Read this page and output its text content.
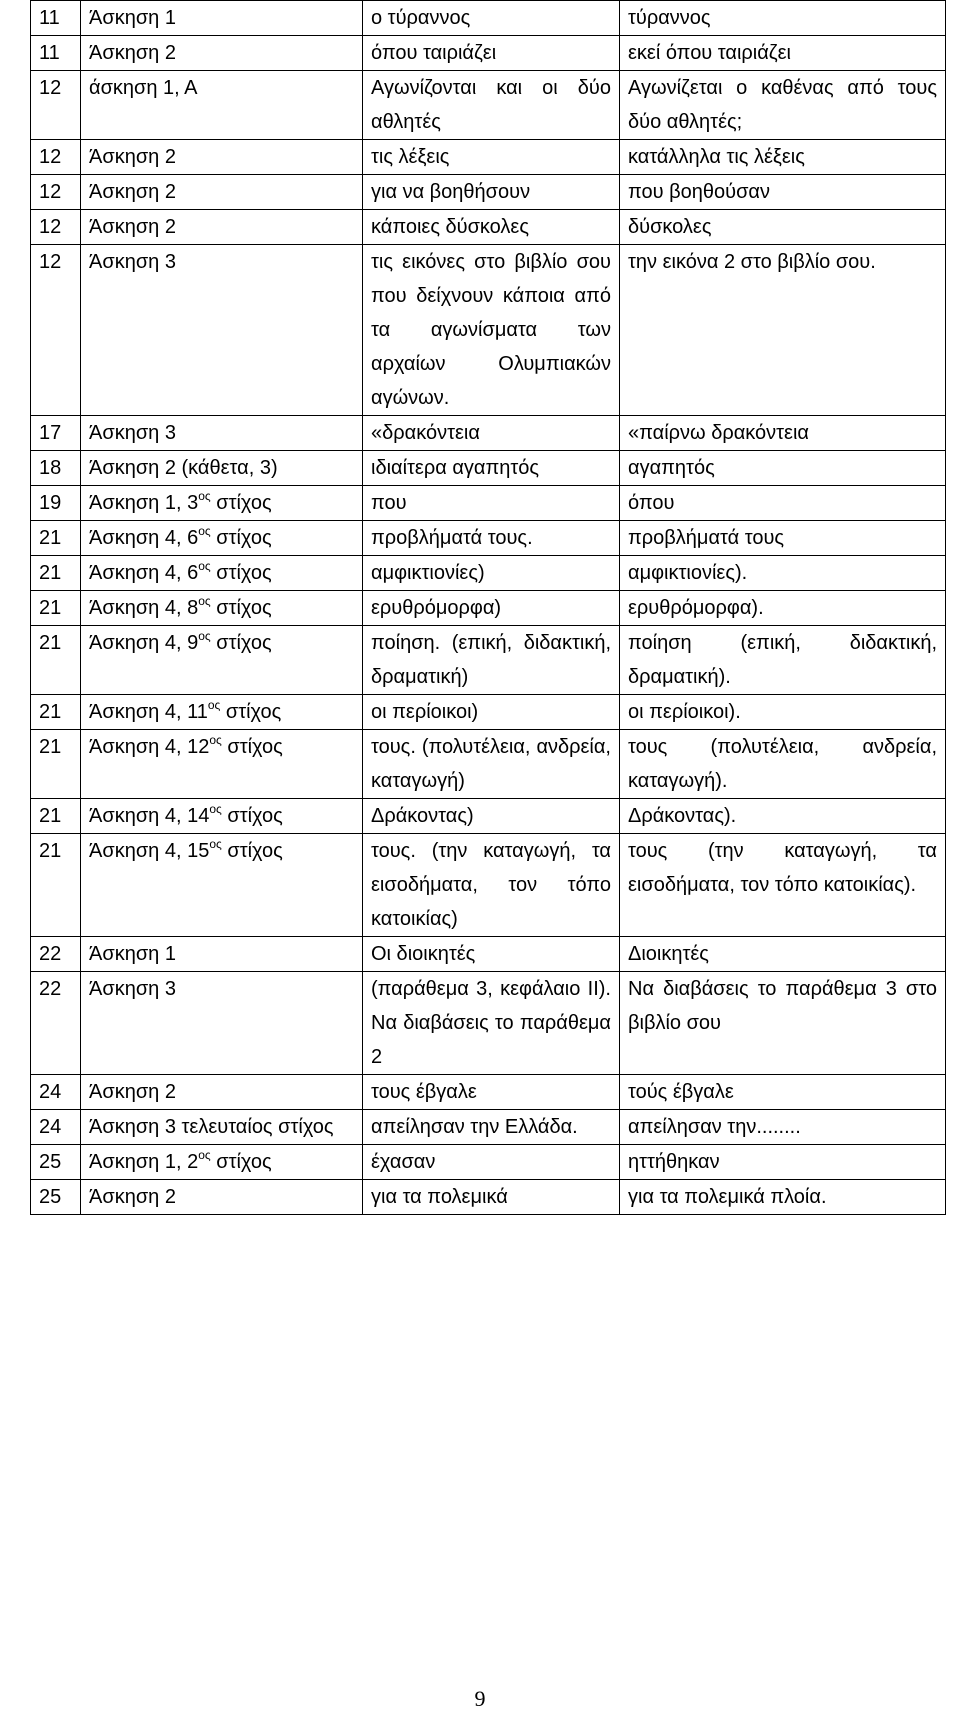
11	Άσκηση 1	ο τύραννος	τύραννος
11	Άσκηση 2	όπου ταιριάζει	εκεί όπου ταιριάζει
12	άσκηση 1, Α	Αγωνίζονται και οι δύο αθλητές	Αγωνίζεται ο καθένας από τους δύο αθλητές;
12	Άσκηση 2	τις λέξεις	κατάλληλα τις λέξεις
12	Άσκηση 2	για να βοηθήσουν	που βοηθούσαν
12	Άσκηση 2	κάποιες δύσκολες	δύσκολες
12	Άσκηση 3	τις εικόνες στο βιβλίο σου που δείχνουν κάποια από τα αγωνίσματα των αρχαίων Ολυμπιακών αγώνων.	την εικόνα 2 στο βιβλίο σου.
17	Άσκηση 3	«δρακόντεια	«παίρνω δρακόντεια
18	Άσκηση 2 (κάθετα, 3)	ιδιαίτερα αγαπητός	αγαπητός
19	Άσκηση 1, $3^{o\varsigma}$ στίχος	που	όπου
21	Άσκηση 4, $6^{o\varsigma}$ στίχος	προβλήματά τους.	προβλήματά τους
21	Άσκηση 4, $6^{o\varsigma}$ στίχος	αμφικτιονίες)	αμφικτιονίες).
21	Άσκηση 4, $8^{o\varsigma}$ στίχος	ερυθρόμορφα)	ερυθρόμορφα).
21	Άσκηση 4, $9^{o\varsigma}$ στίχος	ποίηση. (επική, διδακτική, δραματική)	ποίηση (επική, διδακτική, δραματική).
21	Άσκηση 4, $11^{o\varsigma}$ στίχος	οι περίοικοι)	οι περίοικοι).
21	Άσκηση 4, $12^{o\varsigma}$ στίχος	τους. (πολυτέλεια, ανδρεία, καταγωγή)	τους (πολυτέλεια, ανδρεία, καταγωγή).
21	Άσκηση 4, $14^{o\varsigma}$ στίχος	Δράκοντας)	Δράκοντας).
21	Άσκηση 4, $15^{o\varsigma}$ στίχος	τους. (την καταγωγή, τα εισοδήματα, τον τόπο κατοικίας)	τους (την καταγωγή, τα εισοδήματα, τον τόπο κατοικίας).
22	Άσκηση 1	Οι διοικητές	Διοικητές
22	Άσκηση 3	(παράθεμα 3, κεφάλαιο ΙΙ). Να διαβάσεις το παράθεμα 2	Να διαβάσεις το παράθεμα 3 στο βιβλίο σου
24	Άσκηση 2	τους έβγαλε	τούς έβγαλε
24	Άσκηση 3 τελευταίος στίχος	απείλησαν την Ελλάδα.	απείλησαν την........
25	Άσκηση 1, $2^{o\varsigma}$ στίχος	έχασαν	ηττήθηκαν
25	Άσκηση 2	για τα πολεμικά	για τα πολεμικά πλοία.
9
